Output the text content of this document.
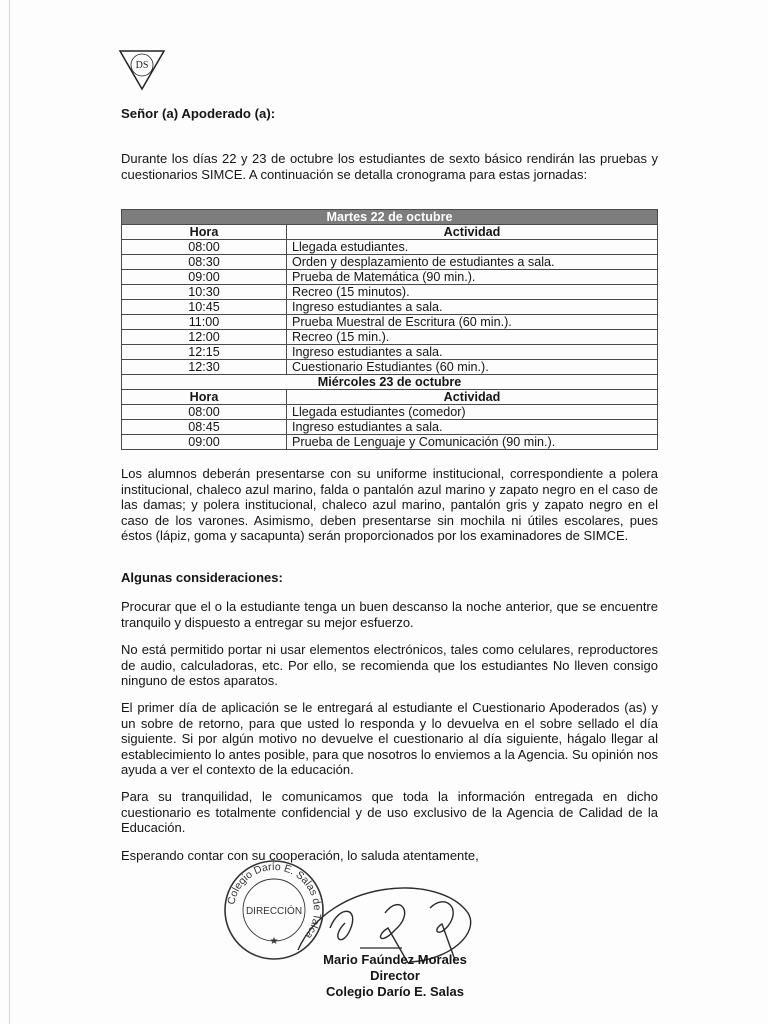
DS

Señor (a) Apoderado (a):

Durante los días 22 y 23 de octubre los estudiantes de sexto básico rendirán las pruebas y cuestionarios SIMCE. A continuación se detalla cronograma para estas jornadas:

Martes 22 de octubre	
Hora	Actividad
08:00	Llegada estudiantes.
08:30	Orden y desplazamiento de estudiantes a sala.
09:00	Prueba de Matemática (90 min.).
10:30	Recreo (15 minutos).
10:45	Ingreso estudiantes a sala.
11:00	Prueba Muestral de Escritura (60 min.).
12:00	Recreo (15 min.).
12:15	Ingreso estudiantes a sala.
12:30	Cuestionario Estudiantes (60 min.).
Miércoles 23 de octubre	
Hora	Actividad
08:00	Llegada estudiantes (comedor)
08:45	Ingreso estudiantes a sala.
09:00	Prueba de Lenguaje y Comunicación (90 min.).

Los alumnos deberán presentarse con su uniforme institucional, correspondiente a polera institucional, chaleco azul marino, falda o pantalón azul marino y zapato negro en el caso de las damas; y polera institucional, chaleco azul marino, pantalón gris y zapato negro en el caso de los varones. Asimismo, deben presentarse sin mochila ni útiles escolares, pues éstos (lápiz, goma y sacapunta) serán proporcionados por los examinadores de SIMCE.

Algunas consideraciones:

Procurar que el o la estudiante tenga un buen descanso la noche anterior, que se encuentre tranquilo y dispuesto a entregar su mejor esfuerzo.

No está permitido portar ni usar elementos electrónicos, tales como celulares, reproductores de audio, calculadoras, etc. Por ello, se recomienda que los estudiantes No lleven consigo ninguno de estos aparatos.

El primer día de aplicación se le entregará al estudiante el Cuestionario Apoderados (as) y un sobre de retorno, para que usted lo responda y lo devuelva en el sobre sellado el día siguiente. Si por algún motivo no devuelve el cuestionario al día siguiente, hágalo llegar al establecimiento lo antes posible, para que nosotros lo enviemos a la Agencia. Su opinión nos ayuda a ver el contexto de la educación.

Para su tranquilidad, le comunicamos que toda la información entregada en dicho cuestionario es totalmente confidencial y de uso exclusivo de la Agencia de Calidad de la Educación.

Esperando contar con su cooperación, lo saluda atentamente,

Colegio Darío E. Salas de Talca
DIRECCIÓN
★
Mario Faúndez Morales
Director
Colegio Darío E. Salas
